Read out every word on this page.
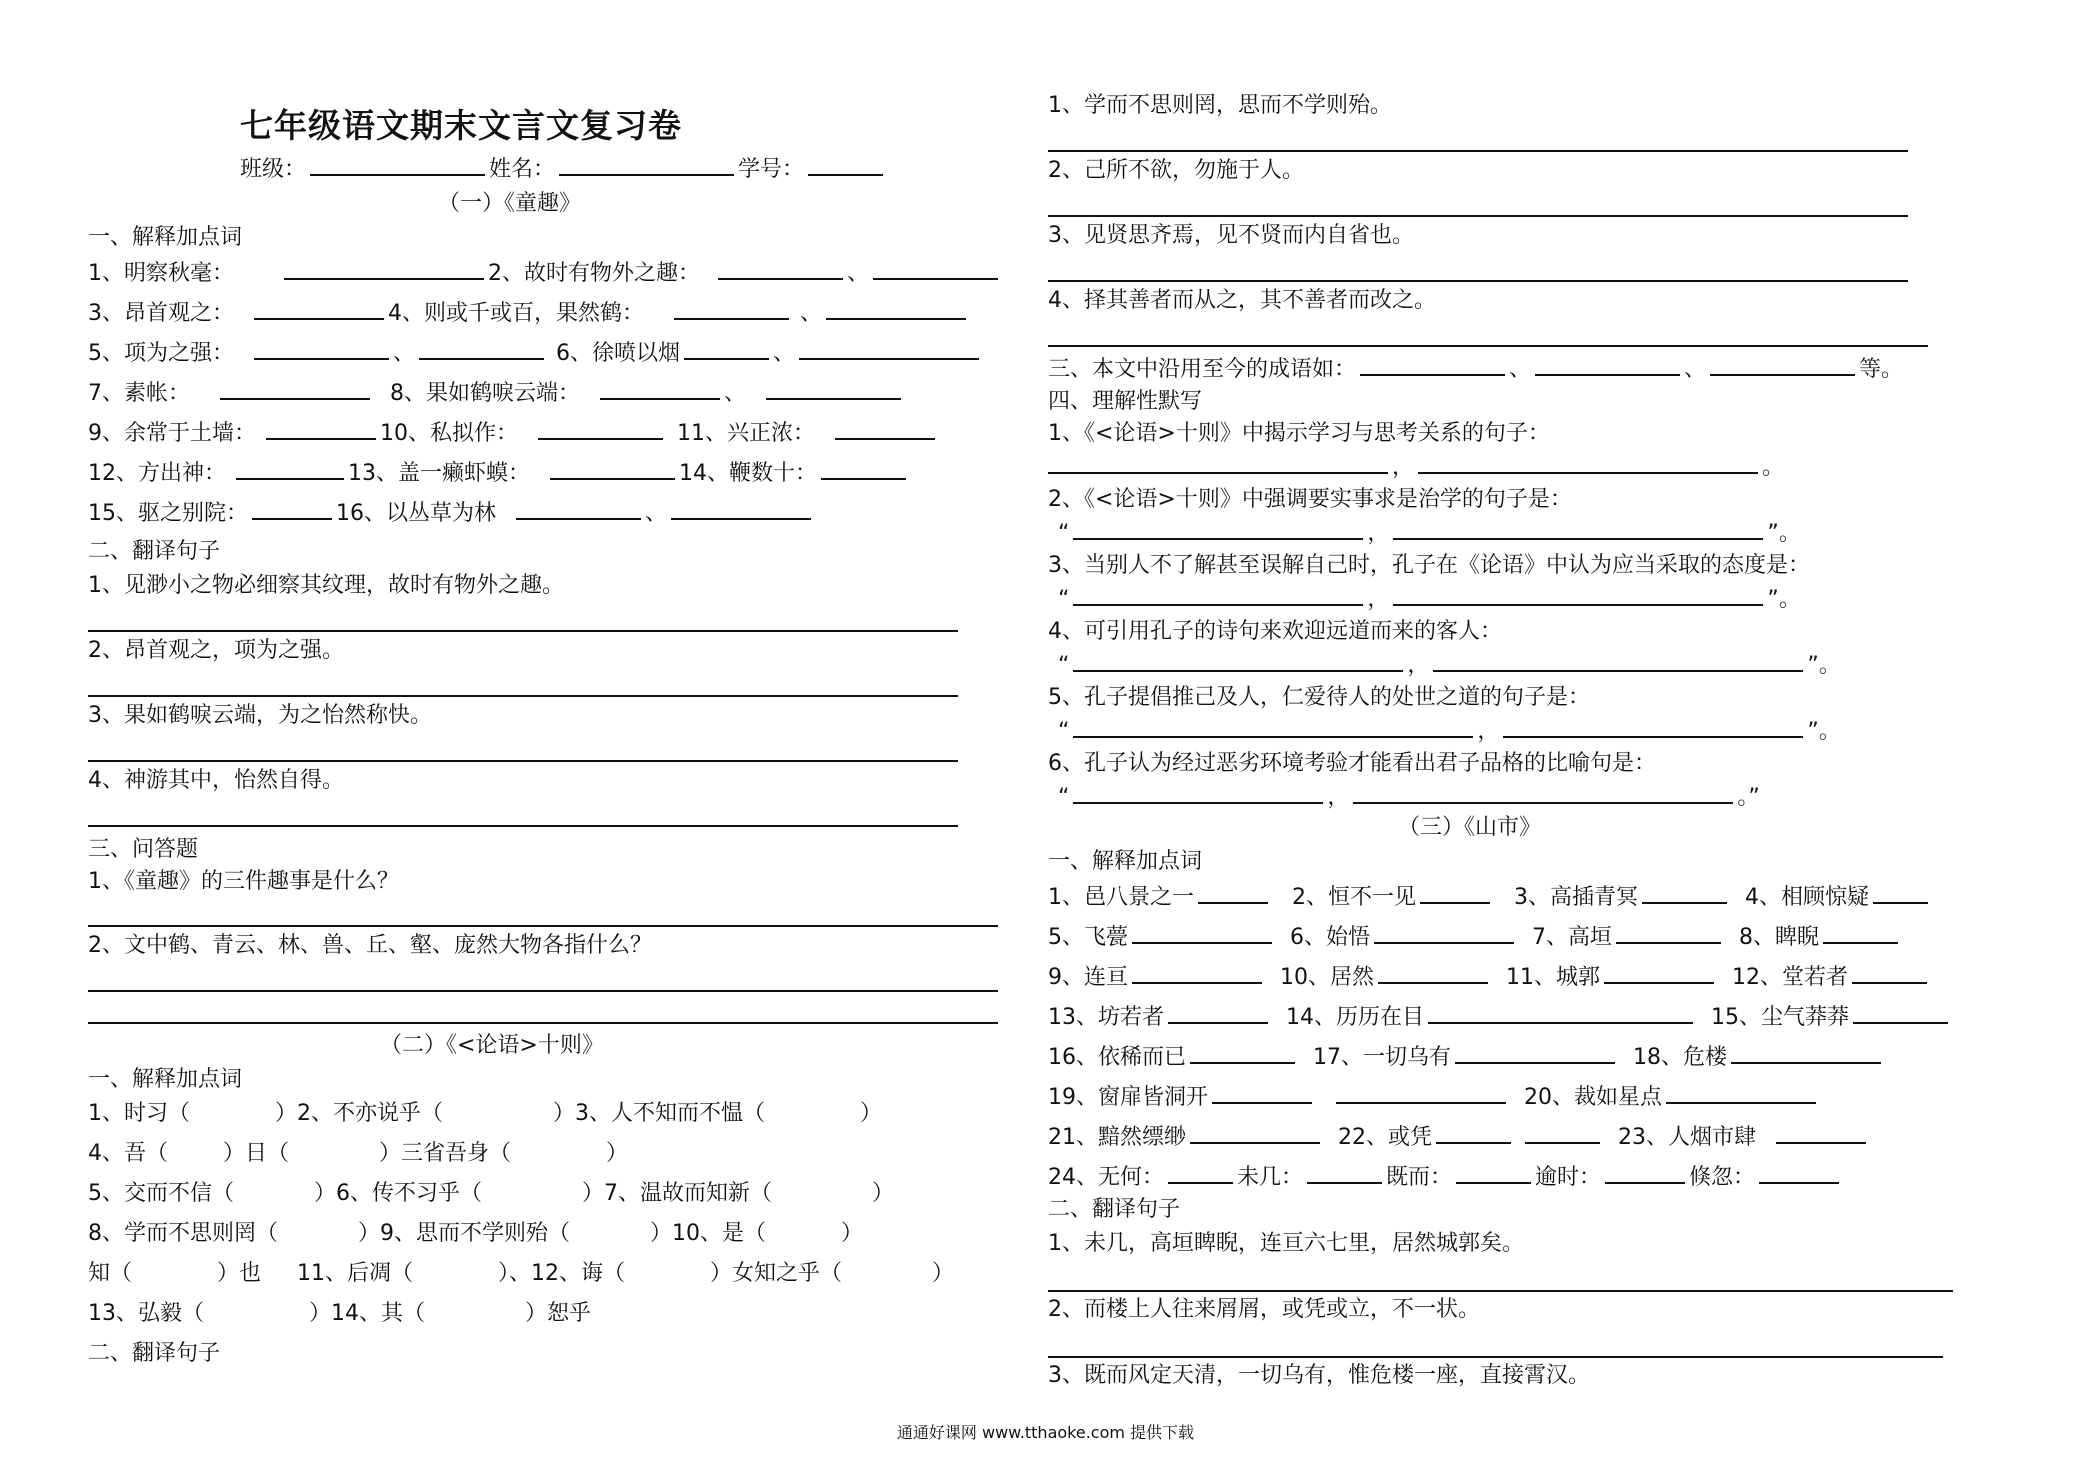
七年级语文期末文言文复习卷
班级：	姓名：	学号：
（一）《童趣》
一、解释加点词
1、明察秋毫：	2、故时有物外之趣：	、
3、昂首观之：	4、则或千或百，果然鹤：	、
5、项为之强：	、	6、徐喷以烟	、
7、素帐：	8、果如鹤唳云端：	、
9、余常于土墙：	10、私拟作：	11、兴正浓：
12、方出神：	13、盖一癞虾蟆：	14、鞭数十：
15、驱之别院：	16、以丛草为林	、
二、翻译句子
1、见渺小之物必细察其纹理，故时有物外之趣。
2、昂首观之，项为之强。
3、果如鹤唳云端，为之怡然称快。
4、神游其中，怡然自得。
三、问答题
1、《童趣》的三件趣事是什么？
2、文中鹤、青云、林、兽、丘、壑、庞然大物各指什么？
（二）《<论语>十则》
一、解释加点词
1、时习（	）2、不亦说乎（	）3、人不知而不愠（	）
4、吾（	）日（	）三省吾身（	）
5、交而不信（	）6、传不习乎（	）7、温故而知新（	）
8、学而不思则罔（	）9、思而不学则殆（	）10、是（	）
知（	）也 11、后凋（	）、12、诲（	）女知之乎（	）
13、弘毅（	）14、其（	）恕乎
二、翻译句子
1、学而不思则罔，思而不学则殆。
2、己所不欲，勿施于人。
3、见贤思齐焉，见不贤而内自省也。
4、择其善者而从之，其不善者而改之。
三、本文中沿用至今的成语如：	、	、	等。
四、理解性默写
1、《<论语>十则》中揭示学习与思考关系的句子：
，	。
2、《<论语>十则》中强调要实事求是治学的句子是：
“	，	”。
3、当别人不了解甚至误解自己时，孔子在《论语》中认为应当采取的态度是：
“	，	”。
4、可引用孔子的诗句来欢迎远道而来的客人：
“	，	”。
5、孔子提倡推己及人，仁爱待人的处世之道的句子是：
“	，	”。
6、孔子认为经过恶劣环境考验才能看出君子品格的比喻句是：
“	，	。”
（三）《山市》
一、解释加点词
1、邑八景之一	2、恒不一见	3、高插青冥	4、相顾惊疑
5、飞甍	6、始悟	7、高垣	8、睥睨
9、连亘	10、居然	11、城郭	12、堂若者
13、坊若者	14、历历在目	15、尘气莽莽
16、依稀而已	17、一切乌有	18、危楼
19、窗扉皆洞开	20、裁如星点
21、黯然缥缈	22、或凭	23、人烟市肆
24、无何：	未几：	既而：	逾时：	倏忽：
二、翻译句子
1、未几，高垣睥睨，连亘六七里，居然城郭矣。
2、而楼上人往来屑屑，或凭或立，不一状。
3、既而风定天清，一切乌有，惟危楼一座，直接霄汉。
通通好课网 www.tthaoke.com 提供下载
